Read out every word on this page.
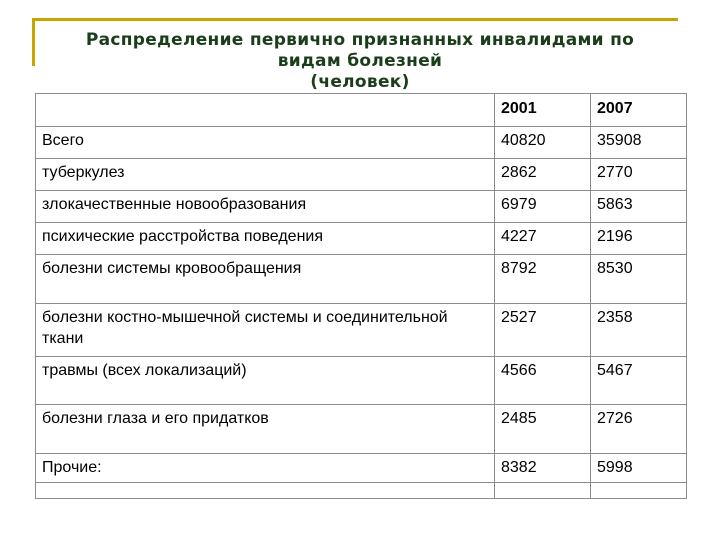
Распределение первично признанных инвалидами по
видам болезней
(человек)
	2001	2007
Всего	40820	35908
туберкулез	2862	2770
злокачественные новообразования	6979	5863
психические расстройства поведения	4227	2196
болезни системы кровообращения	8792	8530
болезни костно-мышечной системы и соединительной ткани	2527	2358
травмы (всех локализаций)	4566	5467
болезни глаза и его придатков	2485	2726
Прочие:	8382	5998
